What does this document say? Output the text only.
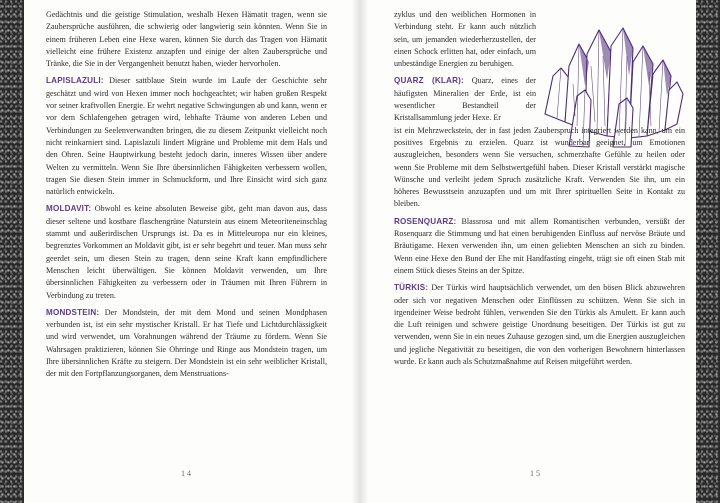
Gedächtnis und die geistige Stimulation, weshalb Hexen Hämatit tragen, wenn sie Zaubersprüche ausführen, die schwierig oder langwierig sein könnten. Wenn Sie in einem früheren Leben eine Hexe waren, können Sie durch das Tragen von Hämatit vielleicht eine frühere Existenz anzapfen und einige der alten Zaubersprüche und Tränke, die Sie in der Vergangenheit benutzt haben, wieder hervorholen.

LAPISLAZULI: Dieser sattblaue Stein wurde im Laufe der Geschichte sehr geschätzt und wird von Hexen immer noch hochgeachtet; wir haben großen Respekt vor seiner kraftvollen Energie. Er wehrt negative Schwingungen ab und kann, wenn er vor dem Schlafengehen getragen wird, lebhafte Träume von anderen Leben und Verbindungen zu Seelenverwandten bringen, die zu diesem Zeitpunkt vielleicht noch nicht reinkarniert sind. Lapislazuli lindert Migräne und Probleme mit dem Hals und den Ohren. Seine Hauptwirkung besteht jedoch darin, inneres Wissen über andere Welten zu vermitteln. Wenn Sie Ihre übersinnlichen Fähigkeiten verbessern wollen, tragen Sie diesen Stein immer in Schmuckform, und Ihre Einsicht wird sich ganz natürlich entwickeln.

MOLDAVIT: Obwohl es keine absoluten Beweise gibt, geht man davon aus, dass dieser seltene und kostbare flaschengrüne Naturstein aus einem Meteoriteneinschlag stammt und außerirdischen Ursprungs ist. Da es in Mitteleuropa nur ein kleines, begrenztes Vorkommen an Moldavit gibt, ist er sehr begehrt und teuer. Man muss sehr geerdet sein, um diesen Stein zu tragen, denn seine Kraft kann empfindlichere Menschen leicht überwältigen. Sie können Moldavit verwenden, um Ihre übersinnlichen Fähigkeiten zu verbessern oder in Träumen mit Ihren Führern in Verbindung zu treten.

MONDSTEIN: Der Mondstein, der mit dem Mond und seinen Mondphasen verbunden ist, ist ein sehr mystischer Kristall. Er hat Tiefe und Lichtdurchlässigkeit und wird verwendet, um Vorahnungen während der Träume zu fördern. Wenn Sie Wahrsagen praktizieren, können Sie Ohrringe und Ringe aus Mondstein tragen, um Ihre übersinnlichen Kräfte zu steigern. Der Mondstein ist ein sehr weiblicher Kristall, der mit den Fortpflanzungsorganen, dem Menstruations-

14

zyklus und den weiblichen Hormonen in Verbindung steht. Er kann auch nützlich sein, um jemanden wiederherzustellen, der einen Schock erlitten hat, oder einfach, um unbeständige Energien zu beruhigen.

QUARZ (KLAR): Quarz, eines der häufigsten Mineralien der Erde, ist ein wesentlicher Bestandteil der Kristallsammlung jeder Hexe. Er

ist ein Mehrzweckstein, der in fast jeden Zauberspruch integriert werden kann, um ein positives Ergebnis zu erzielen. Quarz ist wunderbar geeignet, um Emotionen auszugleichen, besonders wenn Sie versuchen, schmerzhafte Gefühle zu heilen oder wenn Sie Probleme mit dem Selbstwertgefühl haben. Dieser Kristall verstärkt magische Wünsche und verleiht jedem Spruch zusätzliche Kraft. Verwenden Sie ihn, um ein höheres Bewusstsein anzuzapfen und um mit Ihrer spirituellen Seite in Kontakt zu bleiben.

ROSENQUARZ: Blassrosa und mit allem Romantischen verbunden, versüßt der Rosenquarz die Stimmung und hat einen beruhigenden Einfluss auf nervöse Bräute und Bräutigame. Hexen verwenden ihn, um einen geliebten Menschen an sich zu binden. Wenn eine Hexe den Bund der Ehe mit Handfasting eingeht, trägt sie oft einen Stab mit einem Stück dieses Steins an der Spitze.

TÜRKIS: Der Türkis wird hauptsächlich verwendet, um den bösen Blick abzuwehren oder sich vor negativen Menschen oder Einflüssen zu schützen. Wenn Sie sich in irgendeiner Weise bedroht fühlen, verwenden Sie den Türkis als Amulett. Er kann auch die Luft reinigen und schwere geistige Unordnung beseitigen. Der Türkis ist gut zu verwenden, wenn Sie in ein neues Zuhause gezogen sind, um die Energien auszugleichen und jegliche Negativität zu beseitigen, die von den vorherigen Bewohnern hinterlassen wurde. Er kann auch als Schutzmaßnahme auf Reisen mitgeführt werden.

15
